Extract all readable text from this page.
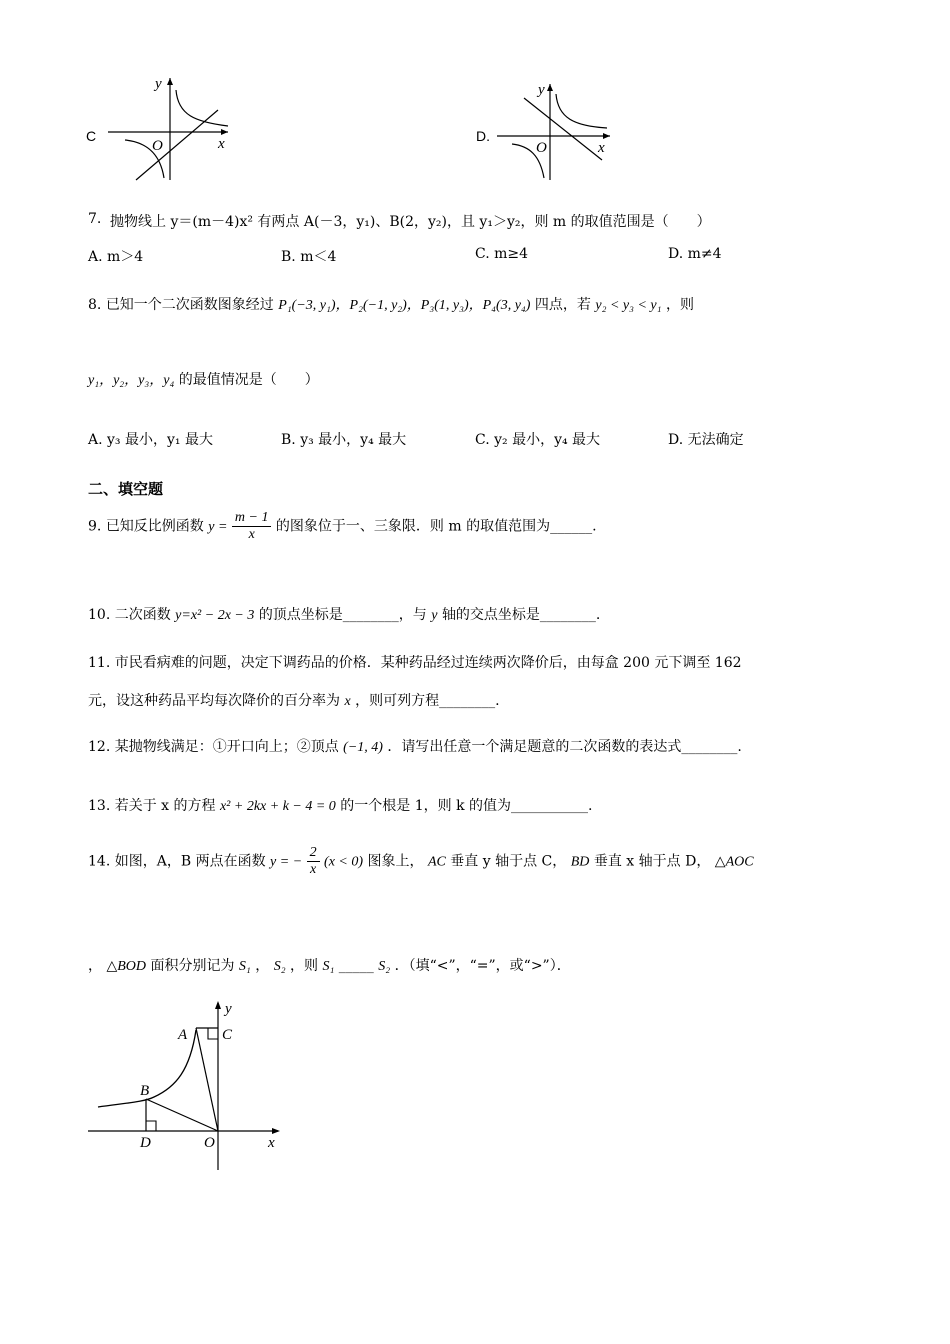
C
y
O	x	D.
y
O	x
7. 抛物线上 y＝(m－4)x² 有两点 A(－3，y₁)、B(2，y₂)，且 y₁＞y₂，则 m 的取值范围是（　　）
A. m＞4	B. m＜4	C. m≥4	D. m≠4
8. 已知一个二次函数图象经过 P₁(−3, y₁)，P₂(−1, y₂)，P₃(1, y₃)，P₄(3, y₄) 四点，若 y₂ < y₃ < y₁ ，则
y₁，y₂，y₃，y₄ 的最值情况是（　　）
A. y₃ 最小，y₁ 最大	B. y₃ 最小，y₄ 最大	C. y₂ 最小，y₄ 最大	D. 无法确定
二、填空题
9. 已知反比例函数 $y = \frac{m - 1}{x}$ 的图象位于一、三象限．则 m 的取值范围为______.
10. 二次函数 y=x² − 2x − 3 的顶点坐标是________，与 y 轴的交点坐标是________.
11. 市民看病难的问题，决定下调药品的价格．某种药品经过连续两次降价后，由每盒 200 元下调至 162
元，设这种药品平均每次降价的百分率为 x ，则可列方程________.
12. 某抛物线满足：①开口向上；②顶点 (−1, 4) ．请写出任意一个满足题意的二次函数的表达式________.
13. 若关于 x 的方程 x² + 2kx + k − 4 = 0 的一个根是 1，则 k 的值为___________.
14. 如图，A，B 两点在函数 y = − $\frac{2}{x} (x < 0)$ 图象上， AC 垂直 y 轴于点 C， BD 垂直 x 轴于点 D， △AOC
， △BOD 面积分别记为 S₁ ， S₂ ，则 S₁ _____ S₂ ．（填“<”，“=”，或“>”）．
A C
B
D	O	x
y
